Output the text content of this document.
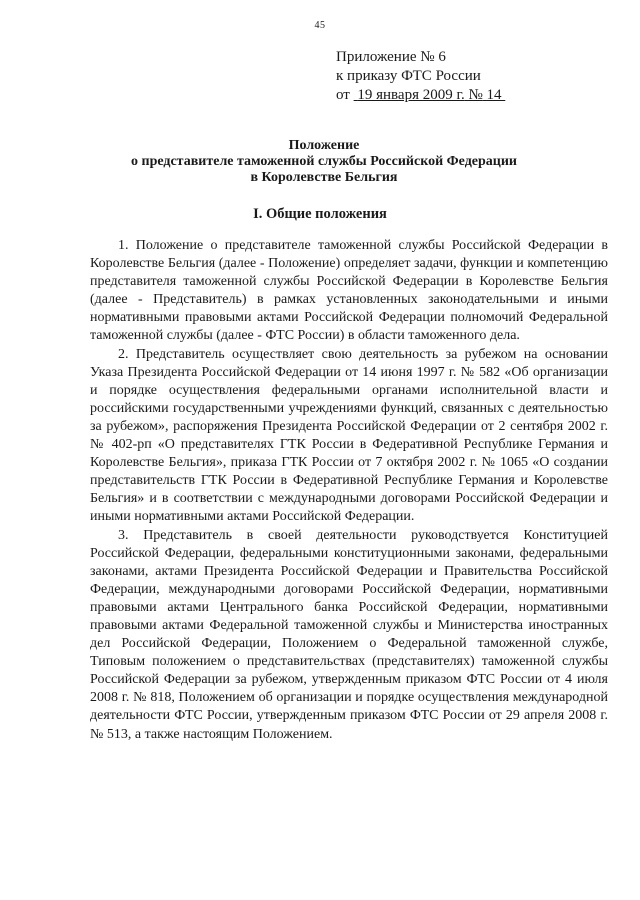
45
Приложение № 6
к приказу ФТС России
от 19 января 2009 г. № 14
Положение
о представителе таможенной службы Российской Федерации
в Королевстве Бельгия
I. Общие положения

1. Положение о представителе таможенной службы Российской Федерации в Королевстве Бельгия (далее - Положение) определяет задачи, функции и компетенцию представителя таможенной службы Российской Федерации в Королевстве Бельгия (далее - Представитель) в рамках установленных законодательными и иными нормативными правовыми актами Российской Федерации полномочий Федеральной таможенной службы (далее - ФТС России) в области таможенного дела.

2. Представитель осуществляет свою деятельность за рубежом на основании Указа Президента Российской Федерации от 14 июня 1997 г. № 582 «Об организации и порядке осуществления федеральными органами исполнительной власти и российскими государственными учреждениями функций, связанных с деятельностью за рубежом», распоряжения Президента Российской Федерации от 2 сентября 2002 г. № 402-рп «О представителях ГТК России в Федеративной Республике Германия и Королевстве Бельгия», приказа ГТК России от 7 октября 2002 г. № 1065 «О создании представительств ГТК России в Федеративной Республике Германия и Королевстве Бельгия» и в соответствии с международными договорами Российской Федерации и иными нормативными актами Российской Федерации.

3. Представитель в своей деятельности руководствуется Конституцией Российской Федерации, федеральными конституционными законами, федеральными законами, актами Президента Российской Федерации и Правительства Российской Федерации, международными договорами Российской Федерации, нормативными правовыми актами Центрального банка Российской Федерации, нормативными правовыми актами Федеральной таможенной службы и Министерства иностранных дел Российской Федерации, Положением о Федеральной таможенной службе, Типовым положением о представительствах (представителях) таможенной службы Российской Федерации за рубежом, утвержденным приказом ФТС России от 4 июля 2008 г. № 818, Положением об организации и порядке осуществления международной деятельности ФТС России, утвержденным приказом ФТС России от 29 апреля 2008 г. № 513, а также настоящим Положением.
